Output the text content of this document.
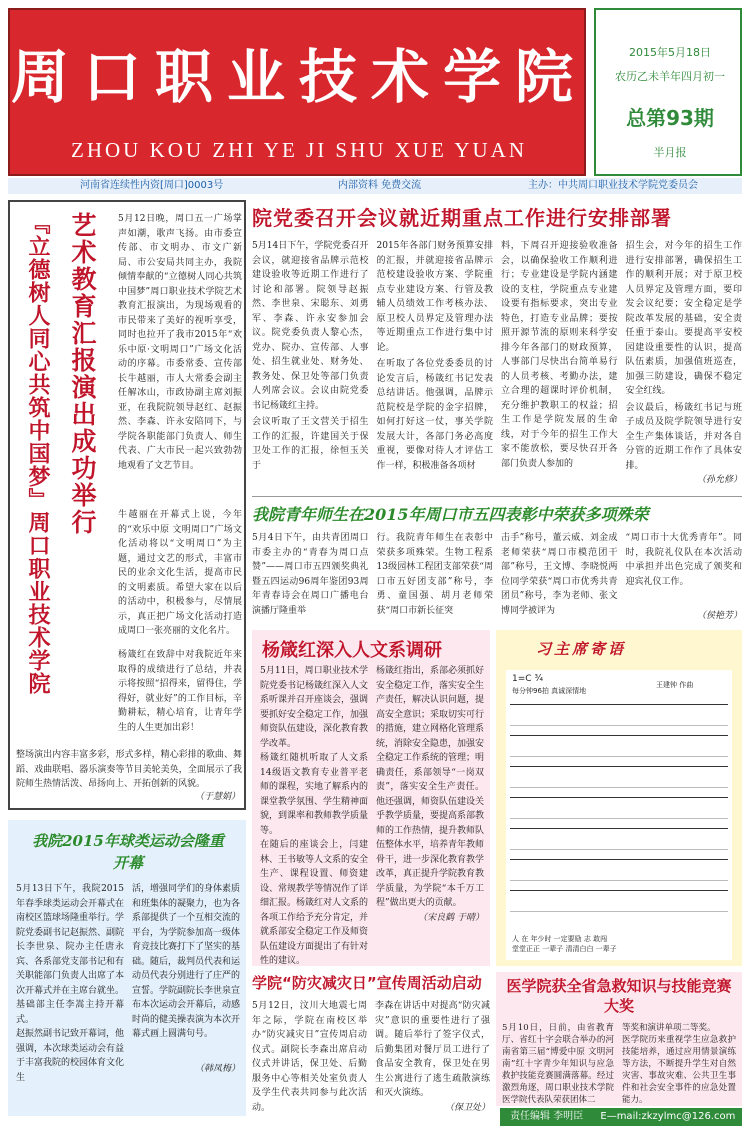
周口职业技术学院
ZHOU KOU ZHI YE JI SHU XUE YUAN
2015年5月18日
农历乙未羊年四月初一
总第93期
半月报
河南省连续性内资[周口]0003号	内部资料 免费交流	主办：中共周口职业技术学院党委员会
艺术教育汇报演出成功举行
『立德树人同心共筑中国梦』周口职业技术学院	5月12日晚，周口五一广场掌声如潮，歌声飞扬。由市委宣传部、市文明办、市文广新局、市公安局共同主办，我院倾情奉献的“立德树人同心共筑中国梦”周口职业技术学院艺术教育汇报演出，为现场观看的市民带来了美好的视听享受，同时也拉开了我市2015年“欢乐中原·文明周口”广场文化活动的序幕。市委常委、宣传部长牛越丽，市人大常委会副主任解冰山，市政协副主席刘振亚，在我院院领导赵红、赵振然、李森、许永安陪同下，与学院各职能部门负责人、师生代表、广大市民一起兴致勃勃地观看了文艺节目。
牛越丽在开幕式上说，今年的“欢乐中原 文明周口”广场文化活动将以“文明周口”为主题，通过文艺的形式，丰富市民的业余文化生活，提高市民的文明素质。希望大家在以后的活动中，积极参与，尽情展示，真正把广场文化活动打造成周口一张亮丽的文化名片。
杨箴红在致辞中对我院近年来取得的成绩进行了总结，并表示将按照“招得来，留得住，学得好，就业好”的工作目标，辛勤耕耘，精心培育，让青年学生的人生更加出彩！
整场演出内容丰富多彩，形式多样，精心彩排的歌曲、舞蹈、戏曲联唱、器乐演奏等节目美轮美奂，全面展示了我院师生热情活泼、昂扬向上、开拓创新的风貌。
（于慧娟）
院党委召开会议就近期重点工作进行安排部署
5月14日下午，学院党委召开会议，就迎接省品牌示范校建设验收等近期工作进行了讨论和部署。院领导赵振然、李世泉、宋聪东、刘勇军、李森、许永安参加会议。院党委负责人黎心杰，党办、院办、宣传部、人事处、招生就业处、财务处、教务处、保卫处等部门负责人列席会议。会议由院党委书记杨箴红主持。
会议听取了王文营关于招生工作的汇报，许建国关于保卫处工作的汇报，徐恒玉关于
2015年各部门财务预算安排的汇报，并就迎接省品牌示范校建设验收方案、学院重点专业建设方案、行管及教辅人员绩效工作考核办法、原卫校人员界定及管理办法等近期重点工作进行集中讨论。
在听取了各位党委委员的讨论发言后，杨箴红书记发表总结讲话。他强调，品牌示范院校是学院的金字招牌，如何打好这一仗，事关学院发展大计，各部门务必高度重视，要像对待人才评估工作一样，积极准备各项材
料，下周召开迎接验收准备会，以确保验收工作顺利进行；专业建设是学院内涵建设的支柱，学院重点专业建设要有指标要求，突出专业特色，打造专业品牌；要按照开源节流的原则来科学安排今年各部门的财政预算，人事部门尽快出台简单易行的人员考核、考勤办法，建立合理的超课时评价机制，充分维护教职工的权益；招生工作是学院发展的生命线，对于今年的招生工作大家不能放松，要尽快召开各部门负责人参加的
招生会，对今年的招生工作进行安排部署，确保招生工作的顺利开展；对于原卫校人员界定及管理方面，要印发会议纪要；安全稳定是学院改革发展的基础，安全责任重于泰山。要提高平安校园建设重要性的认识，提高队伍素质，加强值班巡查，加强三防建设，确保不稳定安全红线。
会议最后，杨箴红书记与班子成员及院学院领导进行安全生产集体谈话，并对各自分管的近期工作作了具体安排。
（孙允修）
我院青年师生在2015年周口市五四表彰中荣获多项殊荣
5月4日下午，由共青团周口市委主办的“青春为周口点赞”——周口市五四颁奖典礼暨五四运动96周年鉴团93周年青春诗会在周口广播电台演播厅隆重举
行。我院青年师生在表彰中荣获多项殊荣。生物工程系13级园林工程团支部荣获“周口市五好团支部”称号，李勇、童国强、胡月老师荣获“周口市新长征突
击手”称号，董云威、刘金成老师荣获“周口市模范团干部”称号，王文博、李晓悦两位同学荣获“周口市优秀共青团员”称号，李为老师、张文博同学被评为
“周口市十大优秀青年”。同时，我院礼仪队在本次活动中承担并出色完成了颁奖和迎宾礼仪工作。
（侯艳芳）
杨箴红深入人文系调研
5月11日，周口职业技术学院党委书记杨箴红深入人文系听课并召开座谈会，强调要抓好安全稳定工作，加强师资队伍建设，深化教育教学改革。
杨箴红随机听取了人文系14级语文教育专业普平老师的课程，实地了解系内的课堂教学氛围、学生精神面貌，到课率和教师教学质量等。
在随后的座谈会上，闫建林、王书敏等人文系的安全生产、课程设置、师资建设、常规教学等情况作了详细汇报。杨箴红对人文系的各项工作给予充分肯定，并就系部安全稳定工作及师资队伍建设方面提出了有针对性的建议。
杨箴红指出，系部必须抓好安全稳定工作，落实安全生产责任，解决认识问题，提高安全意识；采取切实可行的措施，建立网格化管理系统，消除安全隐患，加强安全稳定工作系统的管理；明确责任，系部领导“一岗双责”，落实安全生产责任。他还强调，师资队伍建设关乎教学质量，要提高系部教师的工作热情，提升教师队伍整体水平，培养青年教师骨干，进一步深化教育教学改革，真正提升学院教育教学质量，为学院“本千万工程”做出更大的贡献。
（宋良鹤 于晴）
习主席寄语
1=C ¾
每分钟96拍 真诚深情地
王建钟 作曲
人 在 年少时 一定要励 志 敢闯
堂堂正正 一辈子 清清白白 一辈子
我院2015年球类运动会隆重开幕
5月13日下午，我院2015年春季球类运动会开幕式在南校区篮球场隆重举行。学院党委副书记赵振然、副院长李世泉、院办主任唐永宾、各系部党支部书记和有关职能部门负责人出席了本次开幕式并在主席台就坐。基础部主任李嵩主持开幕式。
赵振然副书记致开幕词，他强调，本次球类运动会有益于丰富我院的校园体育文化生
活，增强同学们的身体素质和班集体的凝聚力，也为各系部提供了一个互相交流的平台，为学院参加高一级体育竞技比赛打下了坚实的基础。随后，裁判员代表和运动员代表分别进行了庄严的宣誓。学院副院长李世泉宣布本次运动会开幕后，动感时尚的健美操表演为本次开幕式画上圆满句号。
（韩凤梅）
学院“防灾减灾日”宣传周活动启动
5月12日，汶川大地震七周年之际，学院在南校区举办“防灾减灾日”宣传周启动仪式。副院长李森出席启动仪式并讲话，保卫处、后勤服务中心等相关处室负责人及学生代表共同参与此次活动。
李森在讲话中对提高“防灾减灾”意识的重要性进行了强调。随后举行了签字仪式，后勤集团对餐厅员工进行了食品安全教育，保卫处在男生公寓进行了逃生疏散演练和灭火演练。
（保卫处）
医学院获全省急救知识与技能竞赛大奖
5月10日，日前，由省教育厅、省红十字会联合举办的河南省第三届“博爱中原 文明河南”红十字青少年知识与应急救护技能竞赛圆满落幕。经过激烈角逐，周口职业技术学院医学院代表队荣获团体二
等奖和演讲单项二等奖。
医学院历来重视学生应急救护技能培养，通过应用情景演练等方法，不断提升学生对自然灾害、事故灾难、公共卫生事件和社会安全事件的应急处置能力。
责任编辑 李明臣 E—mail:zkzylmc@126.com
